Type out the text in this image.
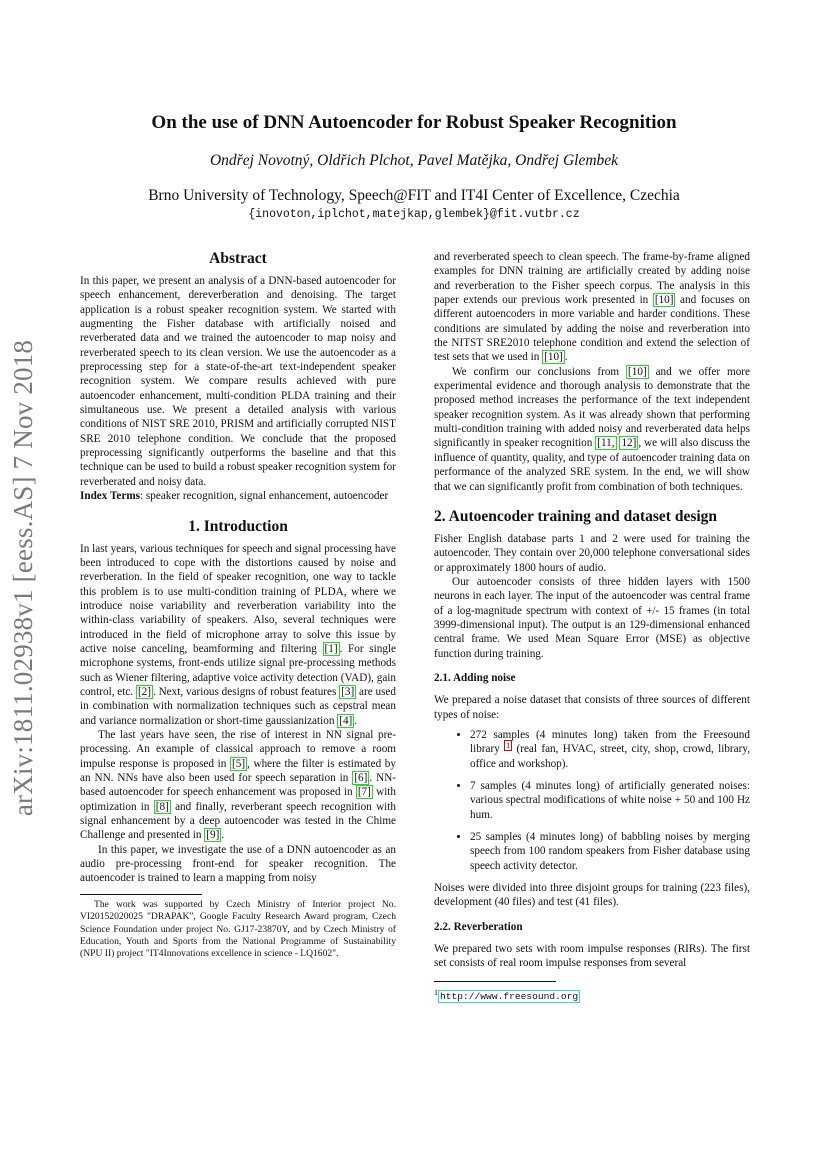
arXiv:1811.02938v1 [eess.AS] 7 Nov 2018
On the use of DNN Autoencoder for Robust Speaker Recognition
Ondřej Novotný, Oldřich Plchot, Pavel Matějka, Ondřej Glembek
Brno University of Technology, Speech@FIT and IT4I Center of Excellence, Czechia
{inovoton,iplchot,matejkap,glembek}@fit.vutbr.cz
Abstract

In this paper, we present an analysis of a DNN-based autoencoder for speech enhancement, dereverberation and denoising. The target application is a robust speaker recognition system. We started with augmenting the Fisher database with artificially noised and reverberated data and we trained the autoencoder to map noisy and reverberated speech to its clean version. We use the autoencoder as a preprocessing step for a state-of-the-art text-independent speaker recognition system. We compare results achieved with pure autoencoder enhancement, multi-condition PLDA training and their simultaneous use. We present a detailed analysis with various conditions of NIST SRE 2010, PRISM and artificially corrupted NIST SRE 2010 telephone condition. We conclude that the proposed preprocessing significantly outperforms the baseline and that this technique can be used to build a robust speaker recognition system for reverberated and noisy data.

Index Terms: speaker recognition, signal enhancement, autoencoder

1. Introduction

In last years, various techniques for speech and signal processing have been introduced to cope with the distortions caused by noise and reverberation. In the field of speaker recognition, one way to tackle this problem is to use multi-condition training of PLDA, where we introduce noise variability and reverberation variability into the within-class variability of speakers. Also, several techniques were introduced in the field of microphone array to solve this issue by active noise canceling, beamforming and filtering [1] . For single microphone systems, front-ends utilize signal pre-processing methods such as Wiener filtering, adaptive voice activity detection (VAD), gain control, etc. [2] . Next, various designs of robust features [3] are used in combination with normalization techniques such as cepstral mean and variance normalization or short-time gaussianization [4] .

The last years have seen, the rise of interest in NN signal pre-processing. An example of classical approach to remove a room impulse response is proposed in [5] , where the filter is estimated by an NN. NNs have also been used for speech separation in [6] . NN-based autoencoder for speech enhancement was proposed in [7] with optimization in [8] and finally, reverberant speech recognition with signal enhancement by a deep autoencoder was tested in the Chime Challenge and presented in [9] .

In this paper, we investigate the use of a DNN autoencoder as an audio pre-processing front-end for speaker recognition. The autoencoder is trained to learn a mapping from noisy

The work was supported by Czech Ministry of Interior project No. VI20152020025 "DRAPAK", Google Faculty Research Award program, Czech Science Foundation under project No. GJ17-23870Y, and by Czech Ministry of Education, Youth and Sports from the National Programme of Sustainability (NPU II) project "IT4Innovations excellence in science - LQ1602".

and reverberated speech to clean speech. The frame-by-frame aligned examples for DNN training are artificially created by adding noise and reverberation to the Fisher speech corpus. The analysis in this paper extends our previous work presented in [10] and focuses on different autoencoders in more variable and harder conditions. These conditions are simulated by adding the noise and reverberation into the NITST SRE2010 telephone condition and extend the selection of test sets that we used in [10] .

We confirm our conclusions from [10] and we offer more experimental evidence and thorough analysis to demonstrate that the proposed method increases the performance of the text independent speaker recognition system. As it was already shown that performing multi-condition training with added noisy and reverberated data helps significantly in speaker recognition [11, 12] , we will also discuss the influence of quantity, quality, and type of autoencoder training data on performance of the analyzed SRE system. In the end, we will show that we can significantly profit from combination of both techniques.

2. Autoencoder training and dataset design

Fisher English database parts 1 and 2 were used for training the autoencoder. They contain over 20,000 telephone conversational sides or approximately 1800 hours of audio.

Our autoencoder consists of three hidden layers with 1500 neurons in each layer. The input of the autoencoder was central frame of a log-magnitude spectrum with context of +/- 15 frames (in total 3999-dimensional input). The output is an 129-dimensional enhanced central frame. We used Mean Square Error (MSE) as objective function during training.

2.1. Adding noise

We prepared a noise dataset that consists of three sources of different types of noise:

• 272 samples (4 minutes long) taken from the Freesound library $^1$ (real fan, HVAC, street, city, shop, crowd, library, office and workshop).
• 7 samples (4 minutes long) of artificially generated noises: various spectral modifications of white noise + 50 and 100 Hz hum.
• 25 samples (4 minutes long) of babbling noises by merging speech from 100 random speakers from Fisher database using speech activity detector.

Noises were divided into three disjoint groups for training (223 files), development (40 files) and test (41 files).

2.2. Reverberation

We prepared two sets with room impulse responses (RIRs). The first set consists of real room impulse responses from several

$^1$ http://www.freesound.org
